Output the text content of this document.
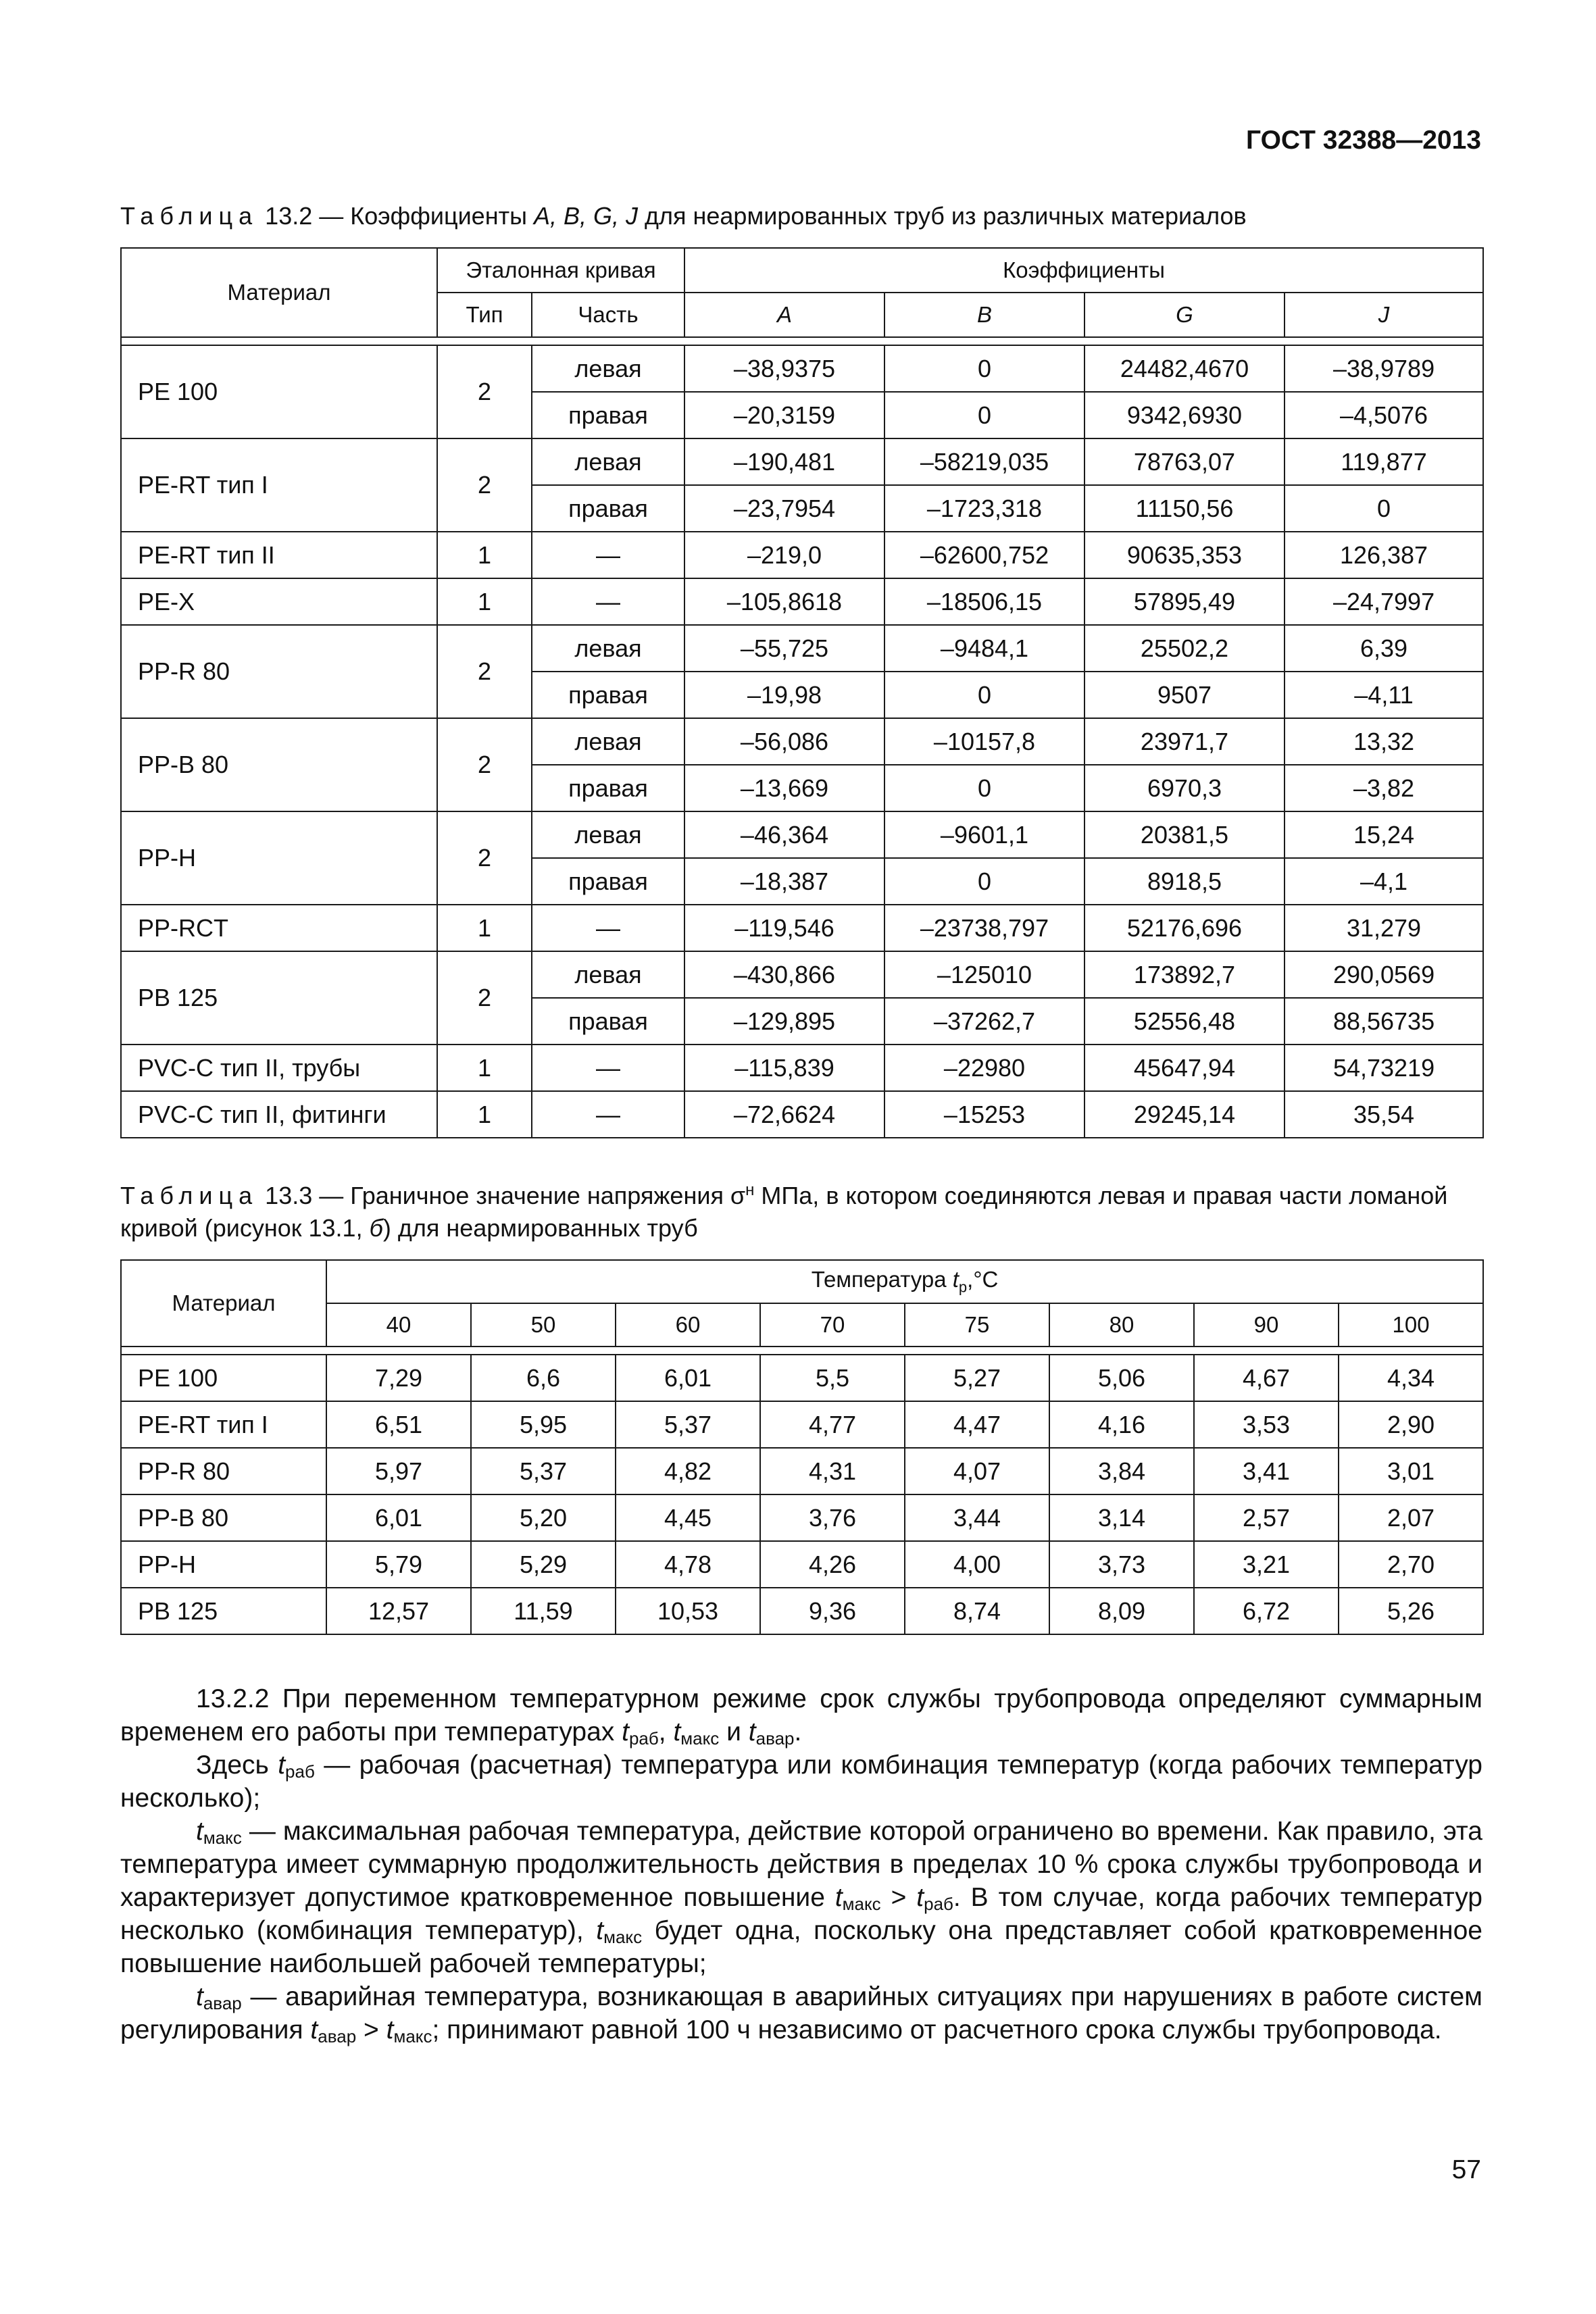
ГОСТ 32388—2013
Таблица 13.2 — Коэффициенты A, B, G, J для неармированных труб из различных материалов
Материал	Эталонная кривая		Коэффициенты			
	Тип	Часть	A	B	G	J

PE 100	2	левая	–38,9375	0	24482,4670	–38,9789
		правая	–20,3159	0	9342,6930	–4,5076
PE-RT тип I	2	левая	–190,481	–58219,035	78763,07	119,877
		правая	–23,7954	–1723,318	11150,56	0
PE-RT тип II	1	—	–219,0	–62600,752	90635,353	126,387
PE-X	1	—	–105,8618	–18506,15	57895,49	–24,7997
PP-R 80	2	левая	–55,725	–9484,1	25502,2	6,39
		правая	–19,98	0	9507	–4,11
PP-B 80	2	левая	–56,086	–10157,8	23971,7	13,32
		правая	–13,669	0	6970,3	–3,82
PP-H	2	левая	–46,364	–9601,1	20381,5	15,24
		правая	–18,387	0	8918,5	–4,1
PP-RCT	1	—	–119,546	–23738,797	52176,696	31,279
PB 125	2	левая	–430,866	–125010	173892,7	290,0569
		правая	–129,895	–37262,7	52556,48	88,56735
PVC-C тип II, трубы	1	—	–115,839	–22980	45647,94	54,73219
PVC-C тип II, фитинги	1	—	–72,6624	–15253	29245,14	35,54
Таблица 13.3 — Граничное значение напряжения $\sigma^н$ МПа, в котором соединяются левая и правая части ломаной кривой (рисунок 13.1, б) для неармированных труб
Материал	Температура $t_р,^\circ С$							
	40	50	60	70	75	80	90	100

PE 100	7,29	6,6	6,01	5,5	5,27	5,06	4,67	4,34
PE-RT тип I	6,51	5,95	5,37	4,77	4,47	4,16	3,53	2,90
PP-R 80	5,97	5,37	4,82	4,31	4,07	3,84	3,41	3,01
PP-B 80	6,01	5,20	4,45	3,76	3,44	3,14	2,57	2,07
PP-H	5,79	5,29	4,78	4,26	4,00	3,73	3,21	2,70
PB 125	12,57	11,59	10,53	9,36	8,74	8,09	6,72	5,26

13.2.2 При переменном температурном режиме срок службы трубопровода определяют суммарным временем его работы при температурах $t_{раб}$, $t_{макс}$ и $t_{авар}$.

Здесь $t_{раб}$ — рабочая (расчетная) температура или комбинация температур (когда рабочих температур несколько);

$t_{макс}$ — максимальная рабочая температура, действие которой ограничено во времени. Как правило, эта температура имеет суммарную продолжительность действия в пределах 10 % срока службы трубопровода и характеризует допустимое кратковременное повышение $t_{макс} > t_{раб}$. В том случае, когда рабочих температур несколько (комбинация температур), $t_{макс}$ будет одна, поскольку она представляет собой кратковременное повышение наибольшей рабочей температуры;

$t_{авар}$ — аварийная температура, возникающая в аварийных ситуациях при нарушениях в работе систем регулирования $t_{авар} > t_{макс}$; принимают равной 100 ч независимо от расчетного срока службы трубопровода.

57
